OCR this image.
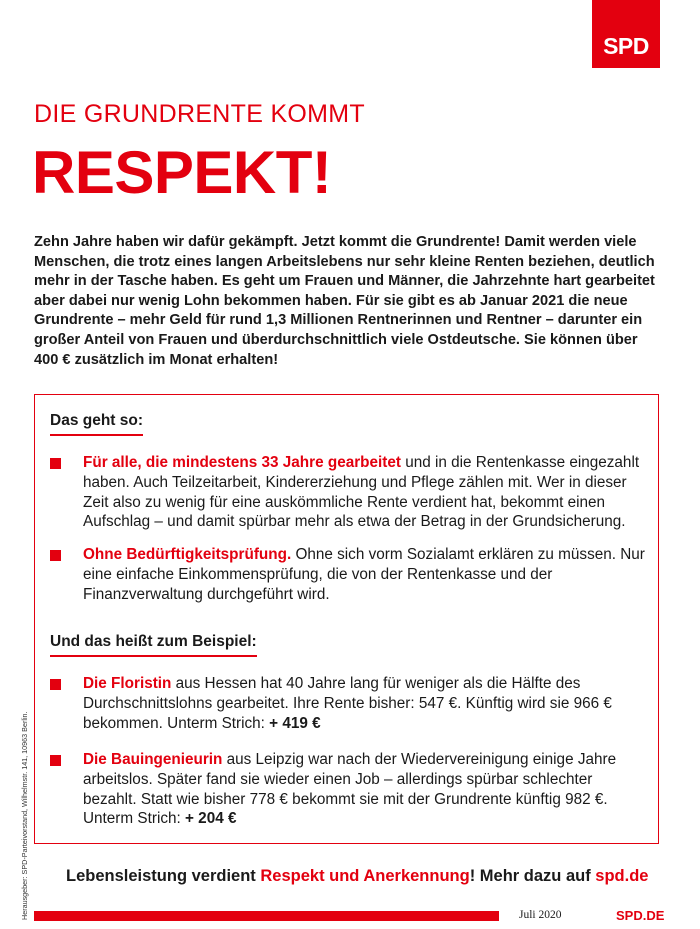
SPD
DIE GRUNDRENTE KOMMT
RESPEKT!

Zehn Jahre haben wir dafür gekämpft. Jetzt kommt die Grundrente! Damit werden viele Menschen, die trotz eines langen Arbeitslebens nur sehr kleine Renten beziehen, deutlich mehr in der Tasche haben. Es geht um Frauen und Männer, die Jahrzehnte hart gearbeitet aber dabei nur wenig Lohn bekommen haben. Für sie gibt es ab Januar 2021 die neue Grundrente – mehr Geld für rund 1,3 Millionen Rentnerinnen und Rentner – darunter ein großer Anteil von Frauen und überdurchschnittlich viele Ostdeutsche. Sie können über 400 € zusätzlich im Monat erhalten!

Das geht so:
Für alle, die mindestens 33 Jahre gearbeitet und in die Rentenkasse eingezahlt haben. Auch Teilzeitarbeit, Kindererziehung und Pflege zählen mit. Wer in dieser Zeit also zu wenig für eine auskömmliche Rente verdient hat, bekommt einen Aufschlag – und damit spürbar mehr als etwa der Betrag in der Grundsicherung.
Ohne Bedürftigkeitsprüfung. Ohne sich vorm Sozialamt erklären zu müssen. Nur eine einfache Einkommensprüfung, die von der Rentenkasse und der Finanzverwaltung durchgeführt wird.
Und das heißt zum Beispiel:
Die Floristin aus Hessen hat 40 Jahre lang für weniger als die Hälfte des Durchschnittslohns gearbeitet. Ihre Rente bisher: 547 €. Künftig wird sie 966 € bekommen. Unterm Strich: + 419 €
Die Bauingenieurin aus Leipzig war nach der Wiedervereinigung einige Jahre arbeitslos. Später fand sie wieder einen Job – allerdings spürbar schlechter bezahlt. Statt wie bisher 778 € bekommt sie mit der Grundrente künftig 982 €. Unterm Strich: + 204 €
Lebensleistung verdient Respekt und Anerkennung! Mehr dazu auf spd.de
Juli 2020	SPD.DE
Herausgeber: SPD-Parteivorstand, Wilhelmstr. 141, 10963 Berlin.
